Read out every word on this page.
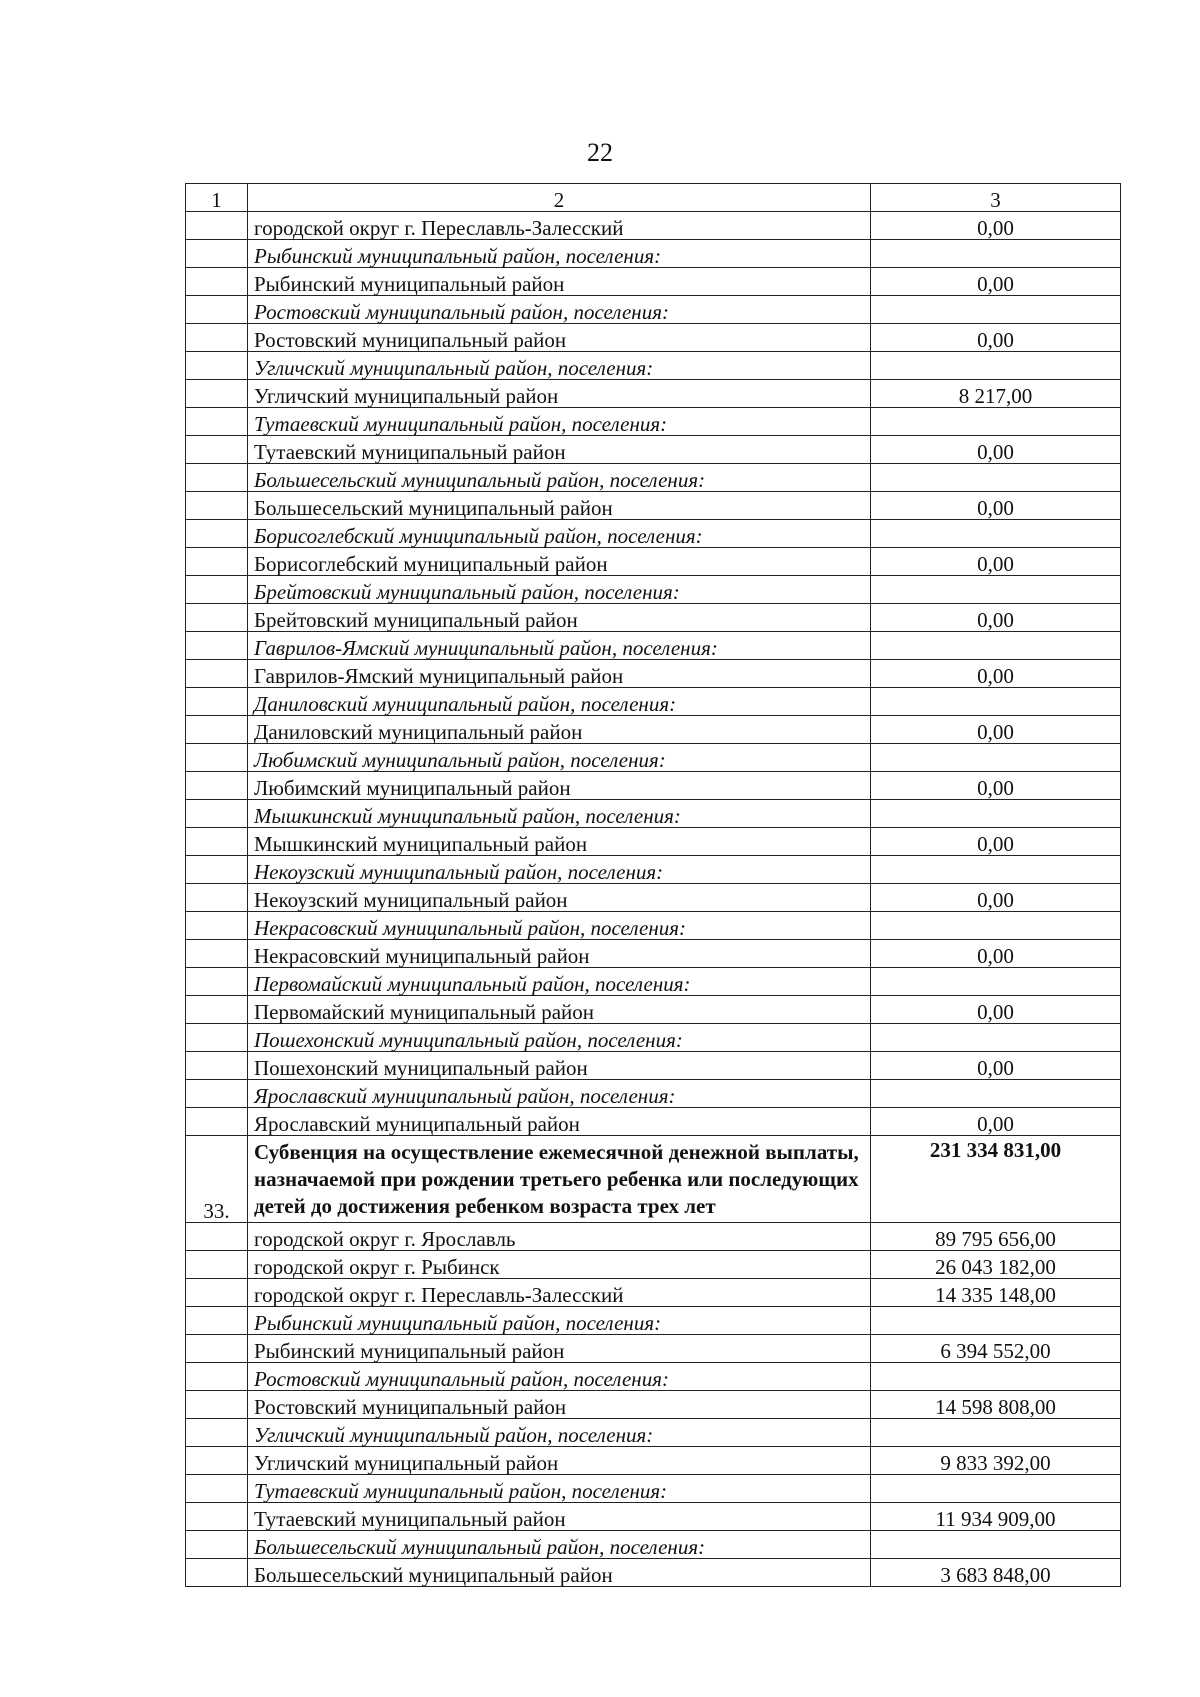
22
1	2	3
	городской округ г. Переславль-Залесский	0,00
	Рыбинский муниципальный район, поселения:	
	Рыбинский муниципальный район	0,00
	Ростовский муниципальный район, поселения:	
	Ростовский муниципальный район	0,00
	Угличский муниципальный район, поселения:	
	Угличский муниципальный район	8 217,00
	Тутаевский муниципальный район, поселения:	
	Тутаевский муниципальный район	0,00
	Большесельский муниципальный район, поселения:	
	Большесельский муниципальный район	0,00
	Борисоглебский муниципальный район, поселения:	
	Борисоглебский муниципальный район	0,00
	Брейтовский муниципальный район, поселения:	
	Брейтовский муниципальный район	0,00
	Гаврилов-Ямский муниципальный район, поселения:	
	Гаврилов-Ямский муниципальный район	0,00
	Даниловский муниципальный район, поселения:	
	Даниловский муниципальный район	0,00
	Любимский муниципальный район, поселения:	
	Любимский муниципальный район	0,00
	Мышкинский муниципальный район, поселения:	
	Мышкинский муниципальный район	0,00
	Некоузский муниципальный район, поселения:	
	Некоузский муниципальный район	0,00
	Некрасовский муниципальный район, поселения:	
	Некрасовский муниципальный район	0,00
	Первомайский муниципальный район, поселения:	
	Первомайский муниципальный район	0,00
	Пошехонский муниципальный район, поселения:	
	Пошехонский муниципальный район	0,00
	Ярославский муниципальный район, поселения:	
	Ярославский муниципальный район	0,00
33.	Субвенция на осуществление ежемесячной денежной выплаты, назначаемой при рождении третьего ребенка или последующих детей до достижения ребенком возраста трех лет	231 334 831,00
	городской округ г. Ярославль	89 795 656,00
	городской округ г. Рыбинск	26 043 182,00
	городской округ г. Переславль-Залесский	14 335 148,00
	Рыбинский муниципальный район, поселения:	
	Рыбинский муниципальный район	6 394 552,00
	Ростовский муниципальный район, поселения:	
	Ростовский муниципальный район	14 598 808,00
	Угличский муниципальный район, поселения:	
	Угличский муниципальный район	9 833 392,00
	Тутаевский муниципальный район, поселения:	
	Тутаевский муниципальный район	11 934 909,00
	Большесельский муниципальный район, поселения:	
	Большесельский муниципальный район	3 683 848,00
